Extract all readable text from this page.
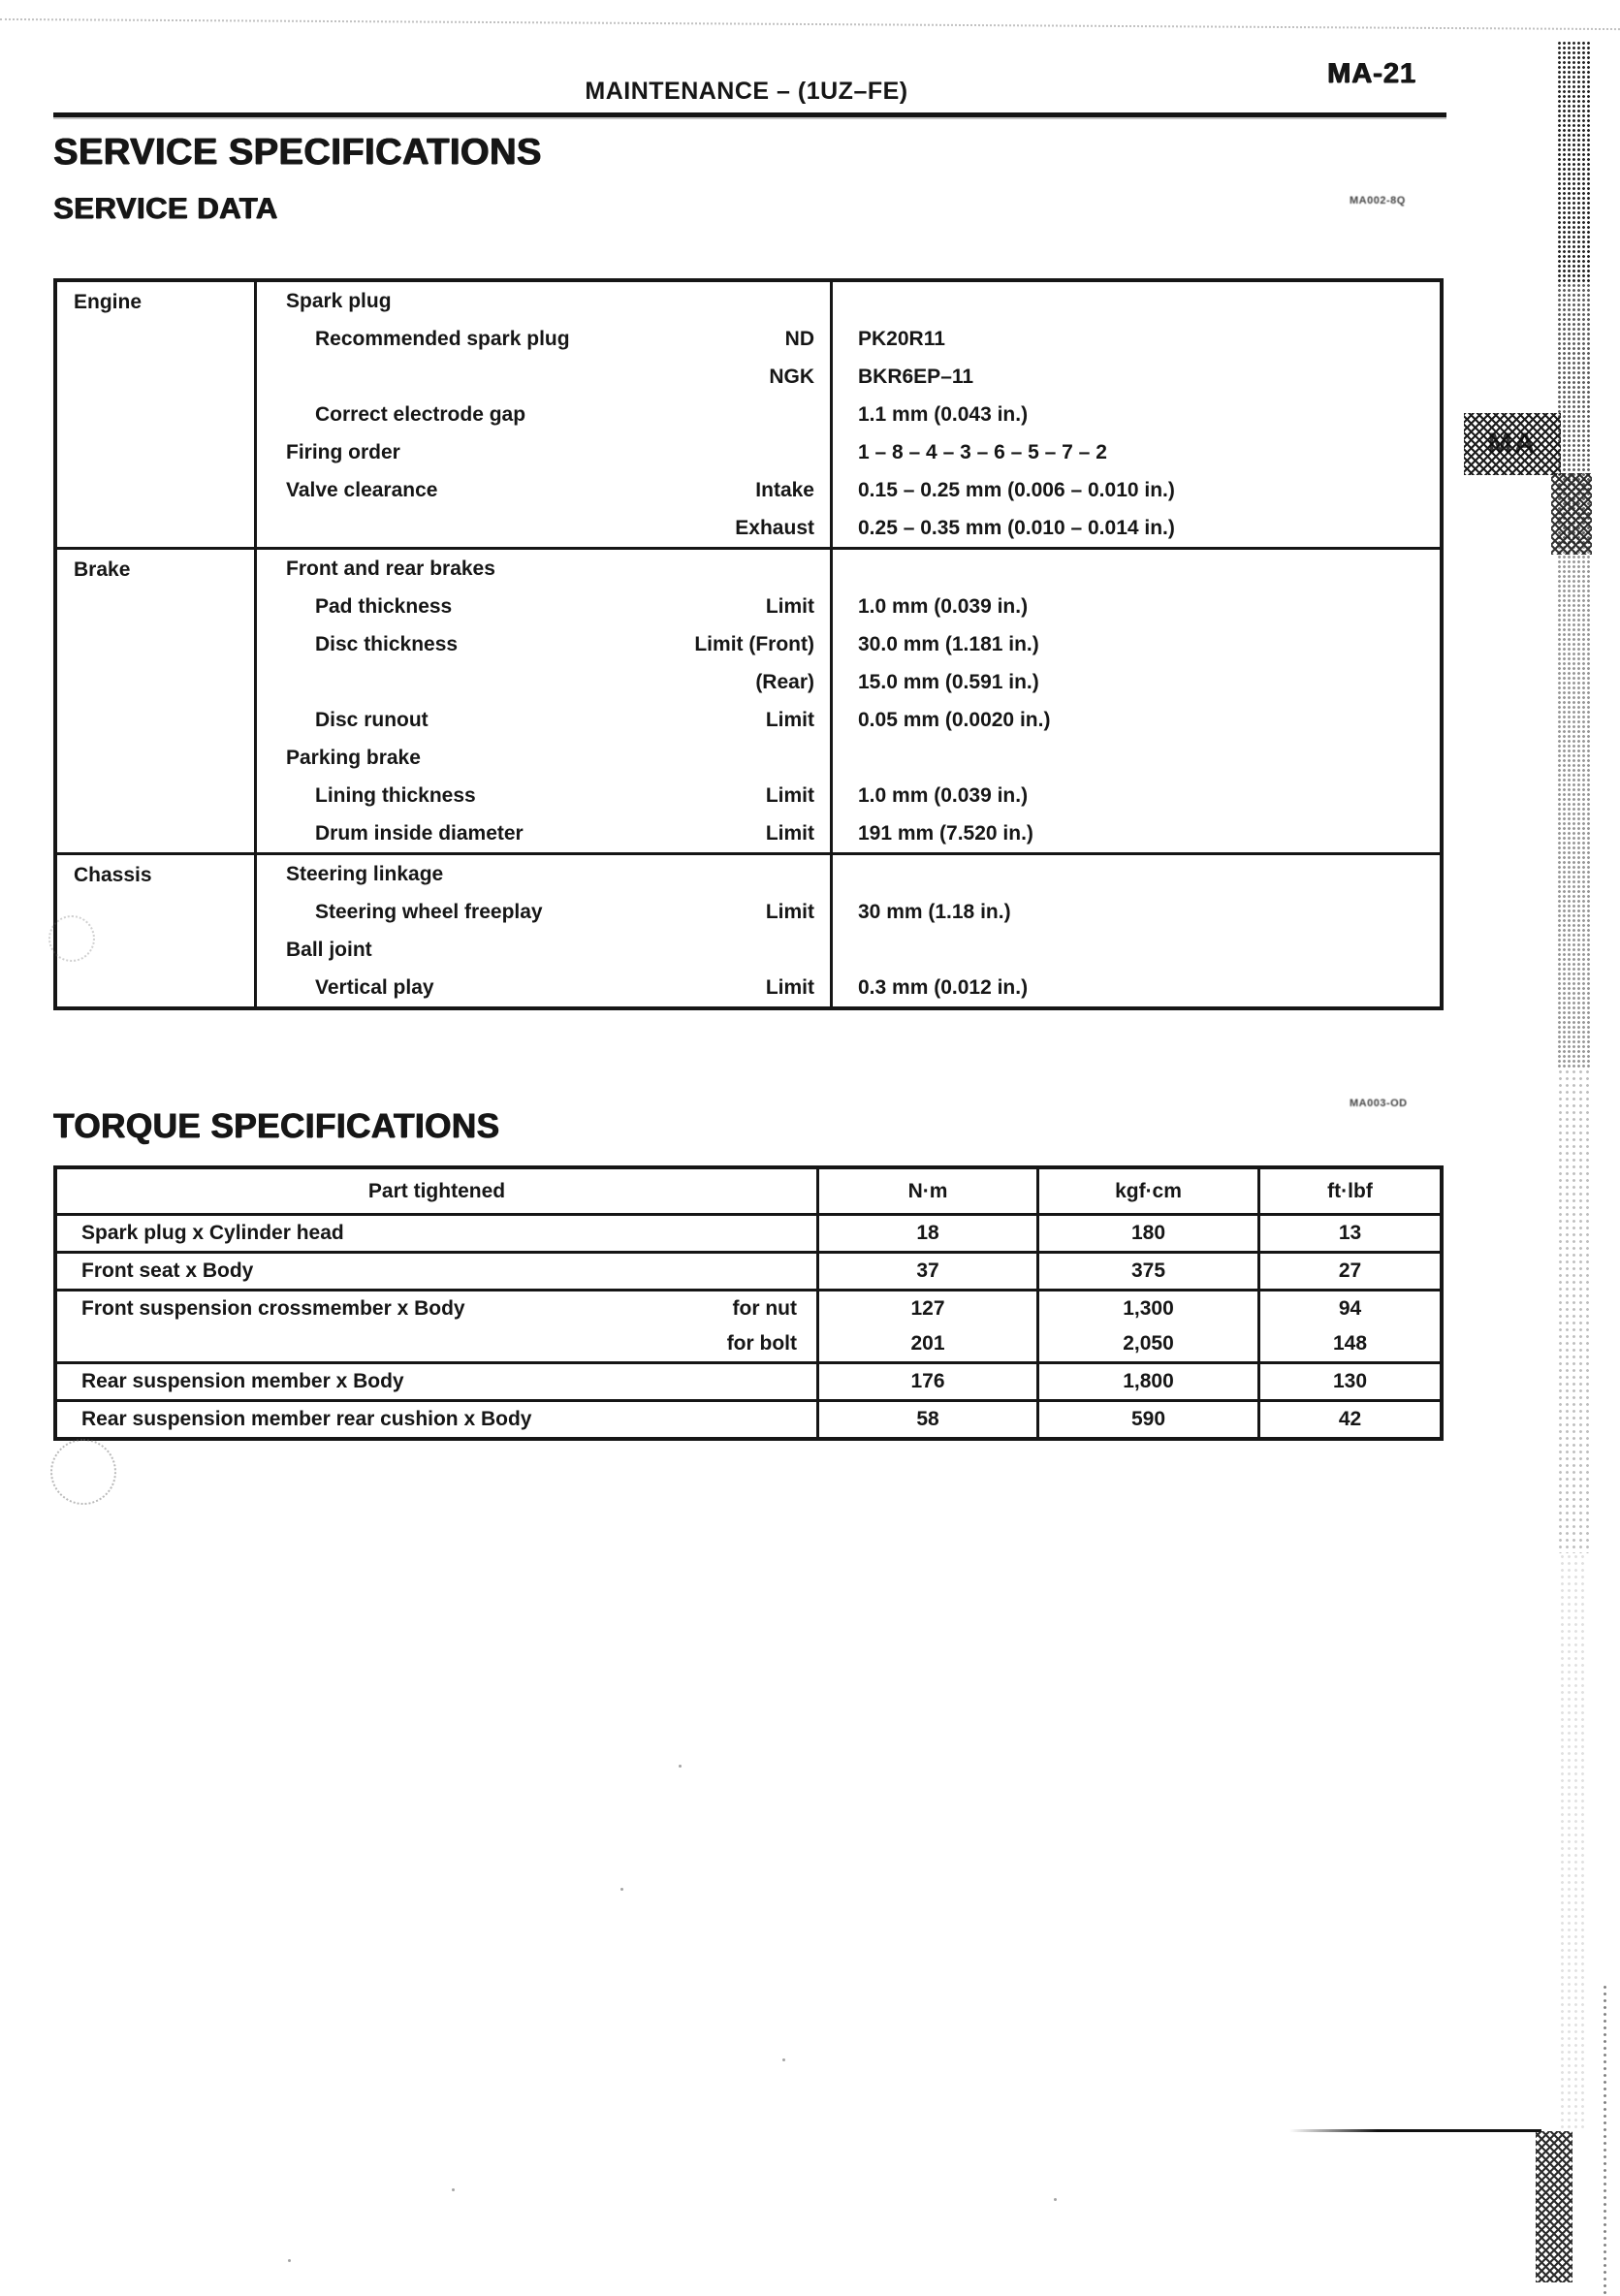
MAINTENANCE – (1UZ–FE)
MA-21
SERVICE SPECIFICATIONS
SERVICE DATA	MA002-8Q
Engine	Spark plug
Recommended spark plug	ND	PK20R11
NGK	BKR6EP–11
Correct electrode gap	1.1 mm (0.043 in.)
Firing order	1 – 8 – 4 – 3 – 6 – 5 – 7 – 2
Valve clearance	Intake	0.15 – 0.25 mm (0.006 – 0.010 in.)
Exhaust	0.25 – 0.35 mm (0.010 – 0.014 in.)
Brake	Front and rear brakes
Pad thickness	Limit	1.0 mm (0.039 in.)
Disc thickness	Limit (Front)	30.0 mm (1.181 in.)
(Rear)	15.0 mm (0.591 in.)
Disc runout	Limit	0.05 mm (0.0020 in.)
Parking brake
Lining thickness	Limit	1.0 mm (0.039 in.)
Drum inside diameter	Limit	191 mm (7.520 in.)
Chassis	Steering linkage
Steering wheel freeplay	Limit	30 mm (1.18 in.)
Ball joint
Vertical play	Limit	0.3 mm (0.012 in.)
TORQUE SPECIFICATIONS
MA003-OD
Part tightened	N·m	kgf·cm	ft·lbf
Spark plug x Cylinder head	18	180	13
Front seat x Body	37	375	27
Front suspension crossmember x Body	for nut	127	1,300	94
for bolt	201	2,050	148
Rear suspension member x Body	176	1,800	130
Rear suspension member rear cushion x Body	58	590	42
MA
